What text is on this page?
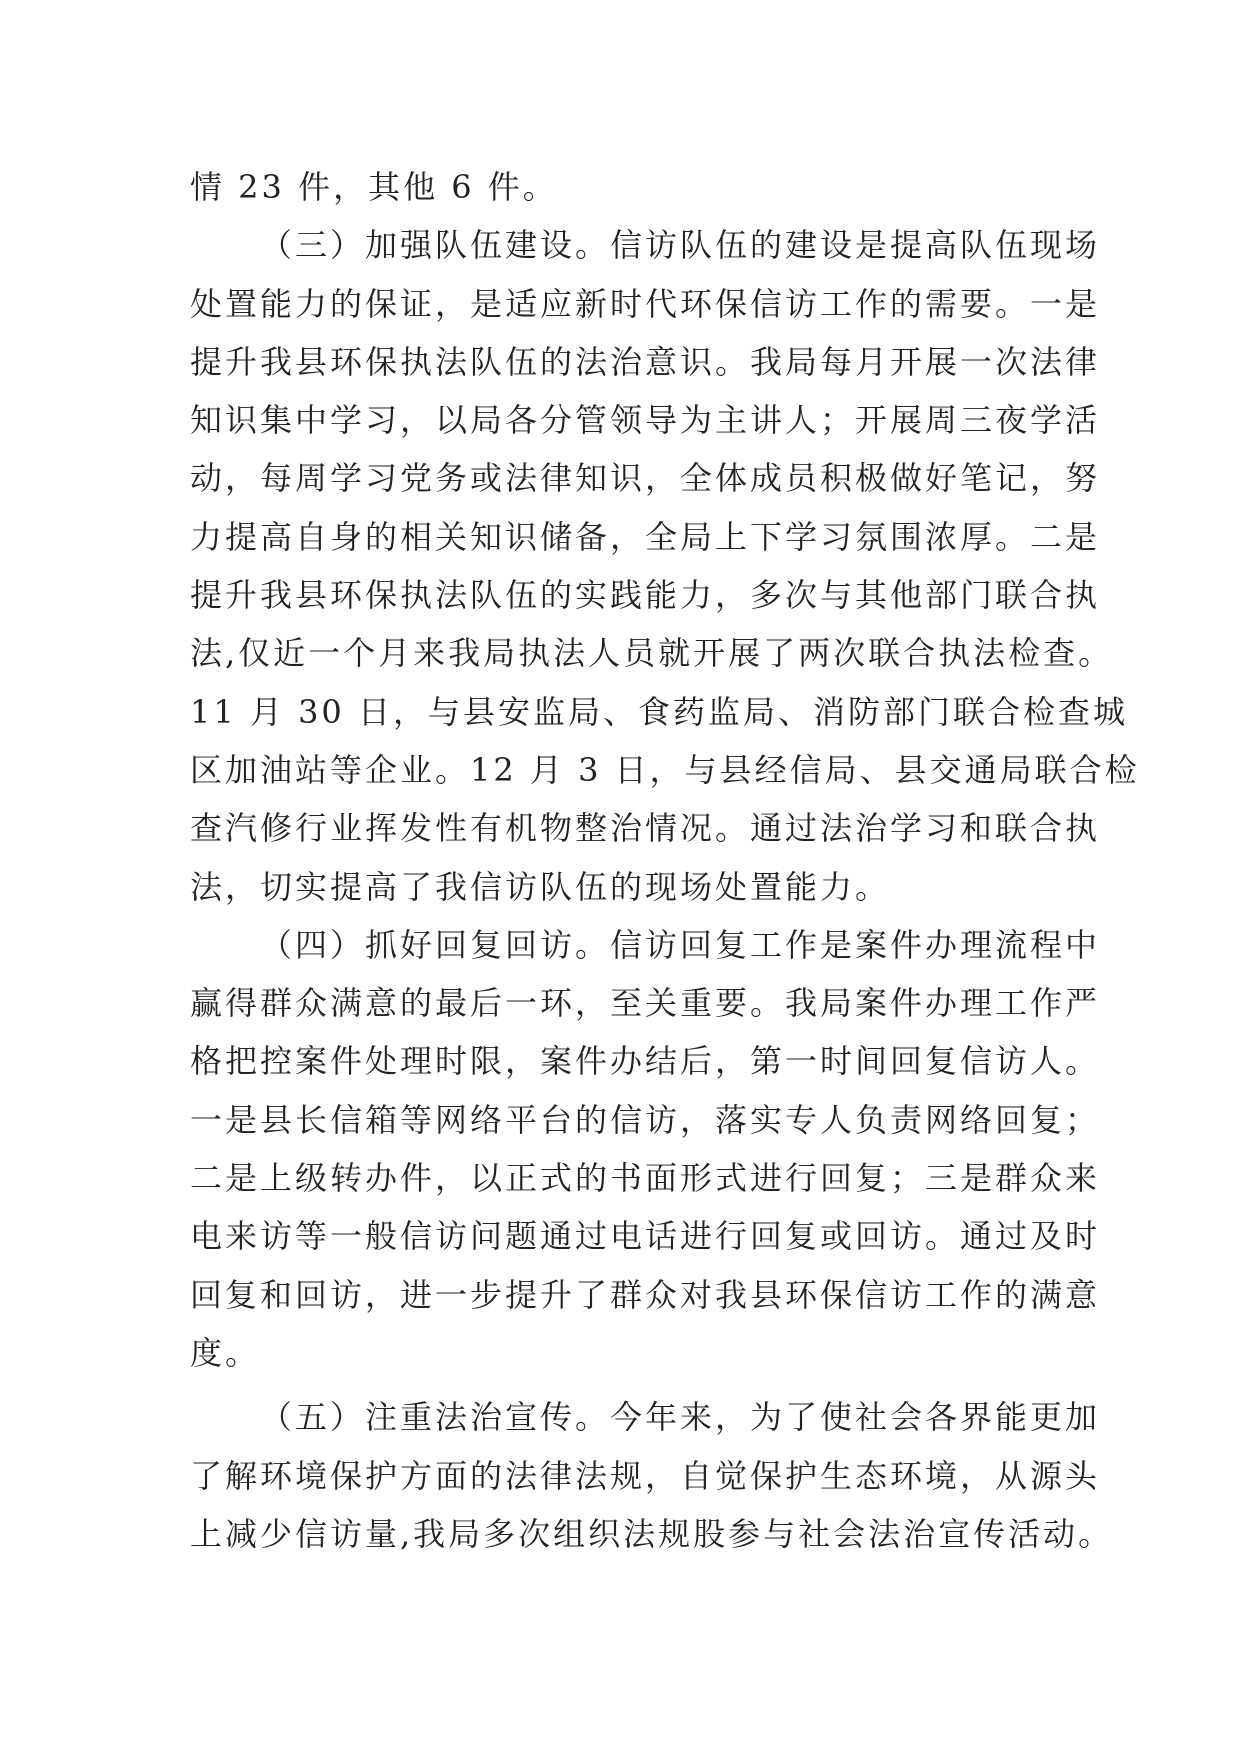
情 23 件，其他 6 件。
（三）加强队伍建设。信访队伍的建设是提高队伍现场
处置能力的保证，是适应新时代环保信访工作的需要。一是
提升我县环保执法队伍的法治意识。我局每月开展一次法律
知识集中学习，以局各分管领导为主讲人；开展周三夜学活
动，每周学习党务或法律知识，全体成员积极做好笔记，努
力提高自身的相关知识储备，全局上下学习氛围浓厚。二是
提升我县环保执法队伍的实践能力，多次与其他部门联合执
法,仅近一个月来我局执法人员就开展了两次联合执法检查。
11 月 30 日，与县安监局、食药监局、消防部门联合检查城
区加油站等企业。12 月 3 日，与县经信局、县交通局联合检
查汽修行业挥发性有机物整治情况。通过法治学习和联合执
法，切实提高了我信访队伍的现场处置能力。
（四）抓好回复回访。信访回复工作是案件办理流程中
赢得群众满意的最后一环，至关重要。我局案件办理工作严
格把控案件处理时限，案件办结后，第一时间回复信访人。
一是县长信箱等网络平台的信访，落实专人负责网络回复；
二是上级转办件，以正式的书面形式进行回复；三是群众来
电来访等一般信访问题通过电话进行回复或回访。通过及时
回复和回访，进一步提升了群众对我县环保信访工作的满意
度。
（五）注重法治宣传。今年来，为了使社会各界能更加
了解环境保护方面的法律法规，自觉保护生态环境，从源头
上减少信访量,我局多次组织法规股参与社会法治宣传活动。
